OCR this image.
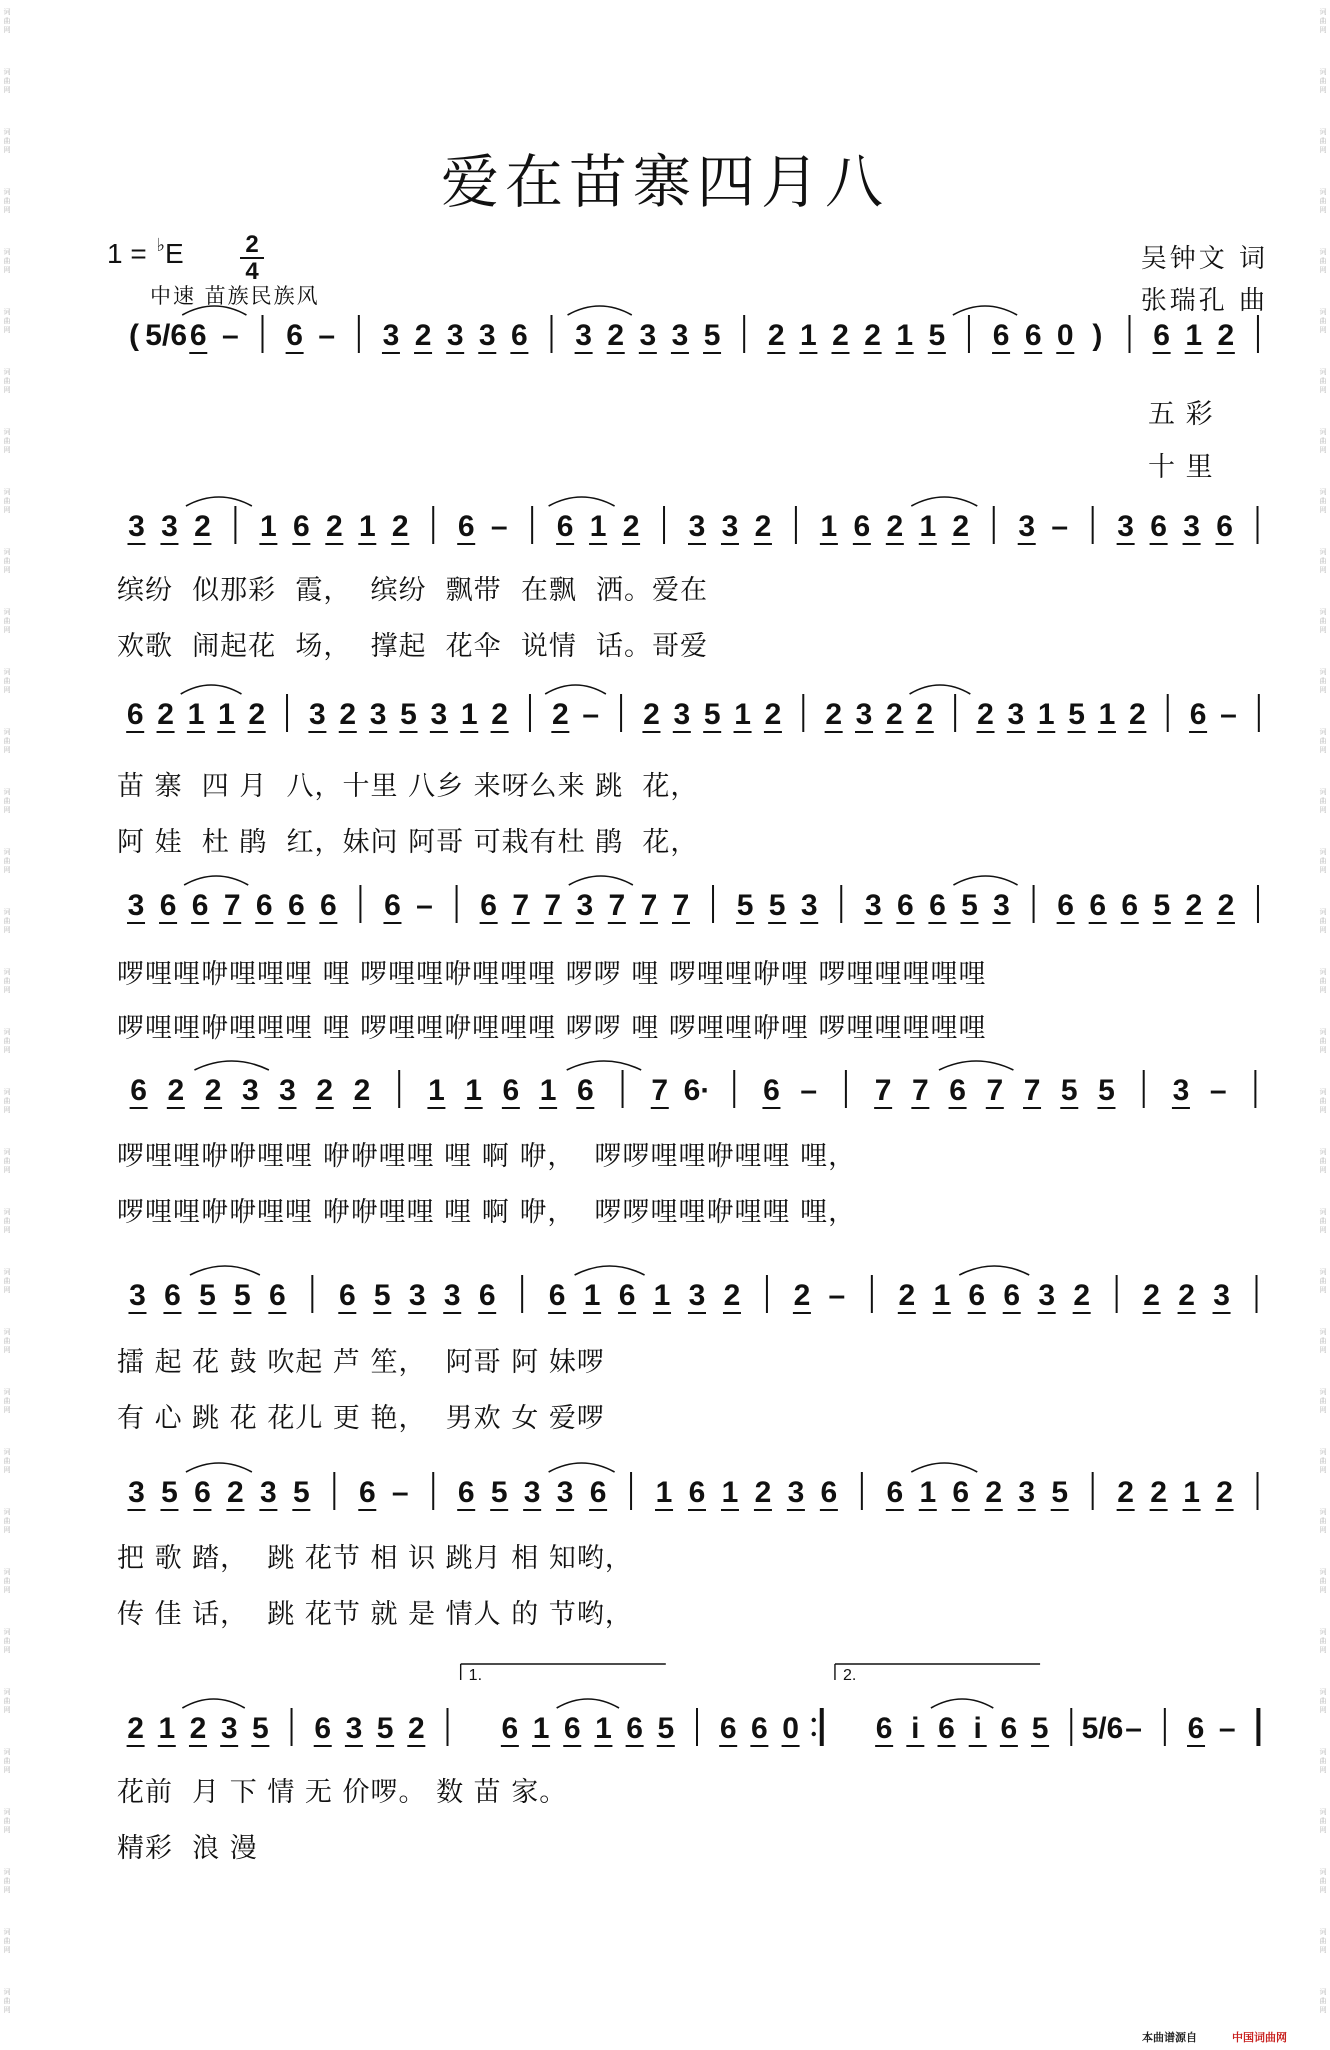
词
曲
网
词
曲
网
词
曲
网
词
曲
网
词
曲
网
词
曲
网
词
曲
网
词
曲
网
词
曲
网
词
曲
网
词
曲
网
词
曲
网
词
曲
网
词
曲
网
词
曲
网
词
曲
网
词
曲
网
词
曲
网
词
曲
网
词
曲
网
词
曲
网
词
曲
网
词
曲
网
词
曲
网
词
曲
网
词
曲
网
词
曲
网
词
曲
网
词
曲
网
词
曲
网
词
曲
网
词
曲
网
词
曲
网
词
曲
网
词
曲
网
词
曲
网
词
曲
网
词
曲
网
词
曲
网
词
曲
网
词
曲
网
词
曲
网
词
曲
网
词
曲
网
词
曲
网
词
曲
网
词
曲
网
词
曲
网
词
曲
网
词
曲
网
词
曲
网
词
曲
网
词
曲
网
词
曲
网
词
曲
网
词
曲
网
词
曲
网
词
曲
网
词
曲
网
词
曲
网
词
曲
网
词
曲
网
词
曲
网
词
曲
网
词
曲
网
词
曲
网
词
曲
网
词
曲
网
爱在苗寨四月八
1 = ♭E	2
4
中速 苗族民族风
吴钟文 词
张瑞孔 曲
( 5/6 6 – 6 – 3 2 3 3 6 3 2 3 3 5 2 1 2 2 1 5 6 6 0 ) 6 1 2
3 3 2 1 6 2 1 2 6 – 6 1 2 3 3 2 1 6 2 1 2 3 – 3 6 3 6
6 2 1 1 2 3 2 3 5 3 1 2 2 – 2 3 5 1 2 2 3 2 2 2 3 1 5 1 2 6 –
3 6 6 7 6 6 6 6 – 6 7 7 3 7 7 7 5 5 3 3 6 6 5 3 6 6 6 5 2 2
6 2 2 3 3 2 2 1 1 6 1 6 7 6· 6 – 7 7 6 7 7 5 5 3 –
3 6 5 5 6 6 5 3 3 6 6 1 6 1 3 2 2 – 2 1 6 6 3 2 2 2 3
3 5 6 2 3 5 6 – 6 5 3 3 6 1 6 1 2 3 6 6 1 6 2 3 5 2 2 1 2
2 1 2 3 5 6 3 5 2
1.
6 1 6 1 6 5 6 6 0
2.
6 i 6 i 6 5 5/6 – 6 –
五 彩
十 里
缤纷  似那彩  霞，  缤纷  飘带  在飘  洒。爱在
欢歌  闹起花  场，  撑起  花伞  说情  话。哥爱
苗 寨  四 月  八，十里 八乡 来呀么来 跳  花，
阿 娃  杜 鹃  红，妹问 阿哥 可栽有杜 鹃  花，
啰哩哩咿哩哩哩 哩 啰哩哩咿哩哩哩 啰啰 哩 啰哩哩咿哩 啰哩哩哩哩哩
啰哩哩咿哩哩哩 哩 啰哩哩咿哩哩哩 啰啰 哩 啰哩哩咿哩 啰哩哩哩哩哩
啰哩哩咿咿哩哩 咿咿哩哩 哩 啊 咿，  啰啰哩哩咿哩哩 哩，
啰哩哩咿咿哩哩 咿咿哩哩 哩 啊 咿，  啰啰哩哩咿哩哩 哩，
擂 起 花 鼓 吹起 芦 笙，  阿哥 阿 妹啰
有 心 跳 花 花儿 更 艳，  男欢 女 爱啰
把 歌 踏，  跳 花节 相 识 跳月 相 知哟，
传 佳 话，  跳 花节 就 是 情人 的 节哟，
花前  月 下 情 无 价啰。 数 苗 家。
精彩  浪 漫
本曲谱源自	中国词曲网
